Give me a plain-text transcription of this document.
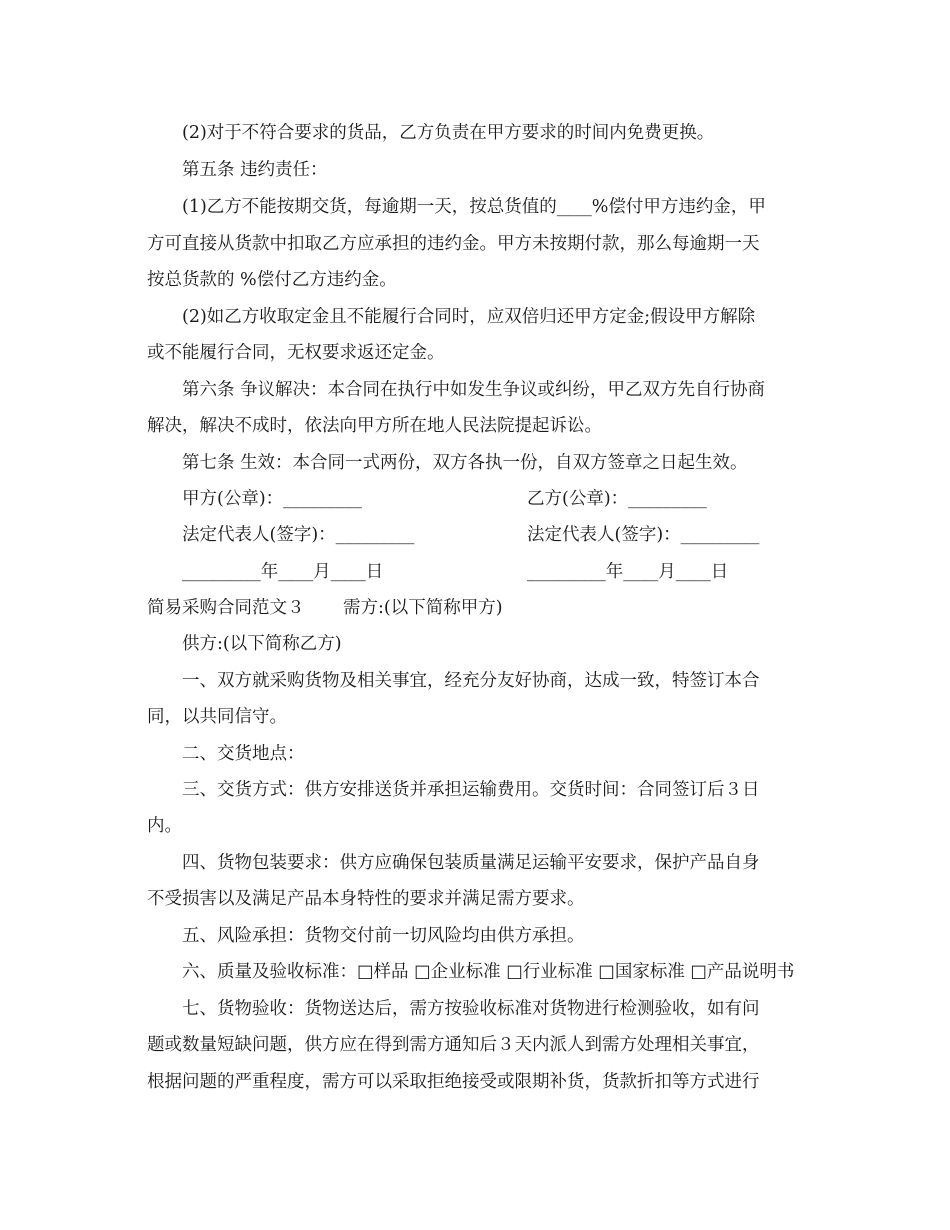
(2)对于不符合要求的货品，乙方负责在甲方要求的时间内免费更换。
第五条 违约责任：
(1)乙方不能按期交货，每逾期一天，按总货值的____%偿付甲方违约金，甲
方可直接从货款中扣取乙方应承担的违约金。甲方未按期付款，那么每逾期一天
按总货款的 %偿付乙方违约金。
(2)如乙方收取定金且不能履行合同时，应双倍归还甲方定金;假设甲方解除
或不能履行合同，无权要求返还定金。
第六条 争议解决：本合同在执行中如发生争议或纠纷，甲乙双方先自行协商
解决，解决不成时，依法向甲方所在地人民法院提起诉讼。
第七条 生效：本合同一式两份，双方各执一份，自双方签章之日起生效。
甲方(公章)：_________	乙方(公章)：_________
法定代表人(签字)：_________	法定代表人(签字)：_________
_________年____月____日	_________年____月____日
简易采购合同范文３	需方:(以下简称甲方)
供方:(以下简称乙方)
一、双方就采购货物及相关事宜，经充分友好协商，达成一致，特签订本合
同，以共同信守。
二、交货地点：
三、交货方式：供方安排送货并承担运输费用。交货时间：合同签订后３日
内。
四、货物包装要求：供方应确保包装质量满足运输平安要求，保护产品自身
不受损害以及满足产品本身特性的要求并满足需方要求。
五、风险承担：货物交付前一切风险均由供方承担。
六、质量及验收标准：□样品 □企业标准 □行业标准 □国家标准 □产品说明书
七、货物验收：货物送达后，需方按验收标准对货物进行检测验收，如有问
题或数量短缺问题，供方应在得到需方通知后３天内派人到需方处理相关事宜，
根据问题的严重程度，需方可以采取拒绝接受或限期补货，货款折扣等方式进行
